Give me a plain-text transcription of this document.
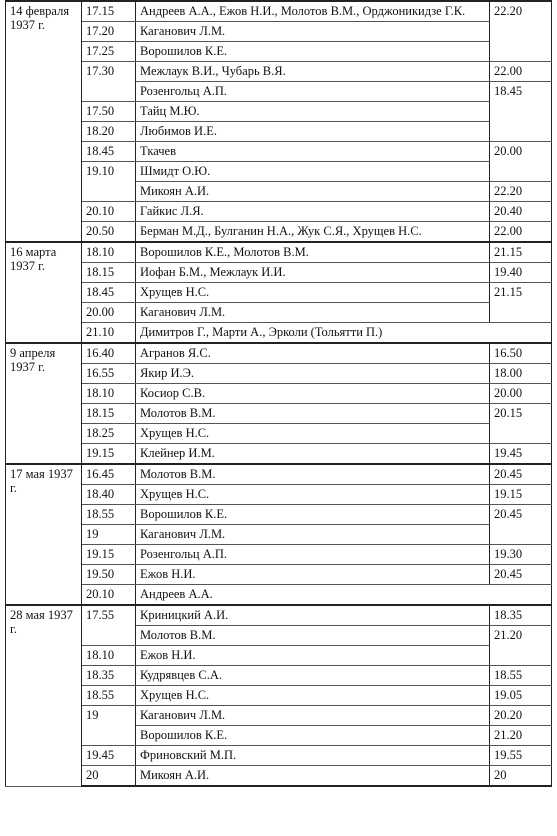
14 февраля 1937 г.	17.15	Андреев А.А., Ежов Н.И., Молотов В.М., Орджоникидзе Г.К.	22.20
	17.20	Каганович Л.М.	
	17.25	Ворошилов К.Е.	
	17.30	Межлаук В.И., Чубарь В.Я.	22.00
		Розенгольц А.П.	18.45
	17.50	Тайц М.Ю.	
	18.20	Любимов И.Е.	
	18.45	Ткачев	20.00
	19.10	Шмидт О.Ю.	
		Микоян А.И.	22.20
	20.10	Гайкис Л.Я.	20.40
	20.50	Берман М.Д., Булганин Н.А., Жук С.Я., Хрущев Н.С.	22.00
16 марта 1937 г.	18.10	Ворошилов К.Е., Молотов В.М.	21.15
	18.15	Иофан Б.М., Межлаук И.И.	19.40
	18.45	Хрущев Н.С.	21.15
	20.00	Каганович Л.М.	
	21.10	Димитров Г., Марти А., Эрколи (Тольятти П.)	
9 апреля 1937 г.	16.40	Агранов Я.С.	16.50
	16.55	Якир И.Э.	18.00
	18.10	Косиор С.В.	20.00
	18.15	Молотов В.М.	20.15
	18.25	Хрущев Н.С.	
	19.15	Клейнер И.М.	19.45
17 мая 1937 г.	16.45	Молотов В.М.	20.45
	18.40	Хрущев Н.С.	19.15
	18.55	Ворошилов К.Е.	20.45
	19	Каганович Л.М.	
	19.15	Розенгольц А.П.	19.30
	19.50	Ежов Н.И.	20.45
	20.10	Андреев А.А.	
28 мая 1937 г.	17.55	Криницкий А.И.	18.35
		Молотов В.М.	21.20
	18.10	Ежов Н.И.	
	18.35	Кудрявцев С.А.	18.55
	18.55	Хрущев Н.С.	19.05
	19	Каганович Л.М.	20.20
		Ворошилов К.Е.	21.20
	19.45	Фриновский М.П.	19.55
	20	Микоян А.И.	20
